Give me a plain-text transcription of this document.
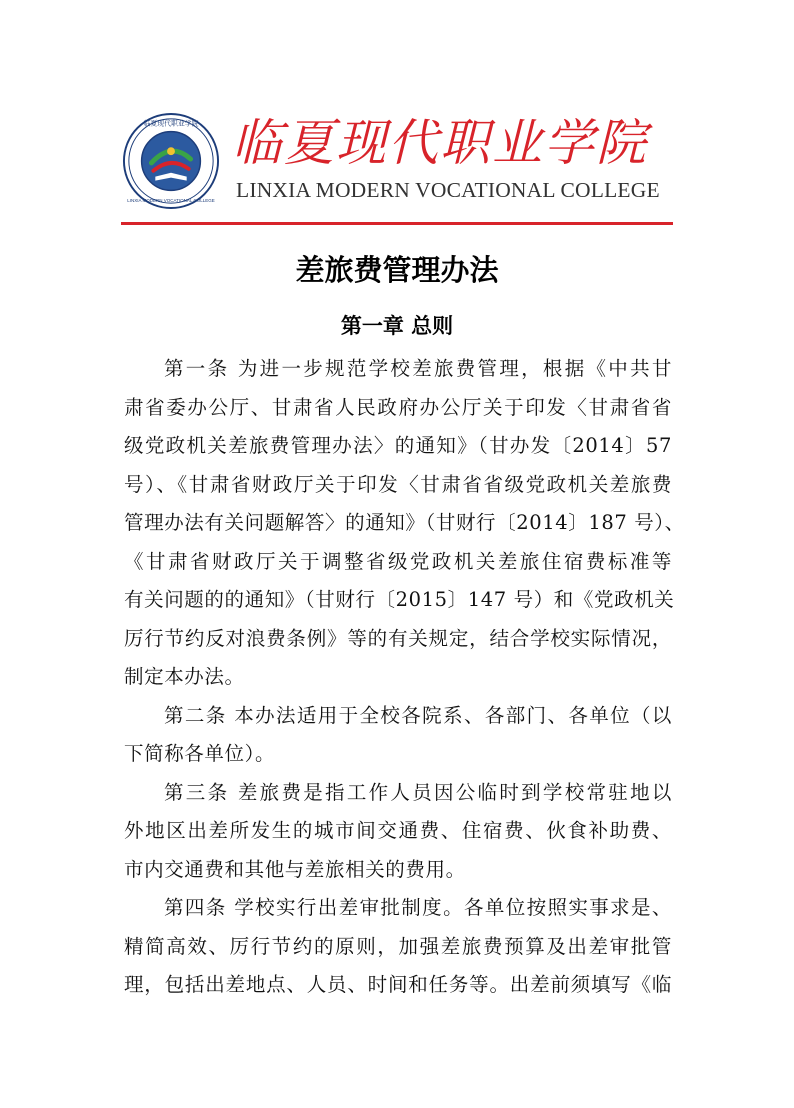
临夏现代职业学院
LINXIA MODERN VOCATIONAL COLLEGE
临夏现代职业学院
LINXIA MODERN VOCATIONAL COLLEGE
差旅费管理办法
第一章 总则
第一条 为进一步规范学校差旅费管理，根据《中共甘
肃省委办公厅、甘肃省人民政府办公厅关于印发〈甘肃省省
级党政机关差旅费管理办法〉的通知》（甘办发〔2014〕57
号）、《甘肃省财政厅关于印发〈甘肃省省级党政机关差旅费
管理办法有关问题解答〉的通知》（甘财行〔2014〕187 号）、
《甘肃省财政厅关于调整省级党政机关差旅住宿费标准等
有关问题的的通知》（甘财行〔2015〕147 号）和《党政机关
厉行节约反对浪费条例》等的有关规定，结合学校实际情况，
制定本办法。
第二条 本办法适用于全校各院系、各部门、各单位（以
下简称各单位）。
第三条 差旅费是指工作人员因公临时到学校常驻地以
外地区出差所发生的城市间交通费、住宿费、伙食补助费、
市内交通费和其他与差旅相关的费用。
第四条 学校实行出差审批制度。各单位按照实事求是、
精简高效、厉行节约的原则，加强差旅费预算及出差审批管
理，包括出差地点、人员、时间和任务等。出差前须填写《临
